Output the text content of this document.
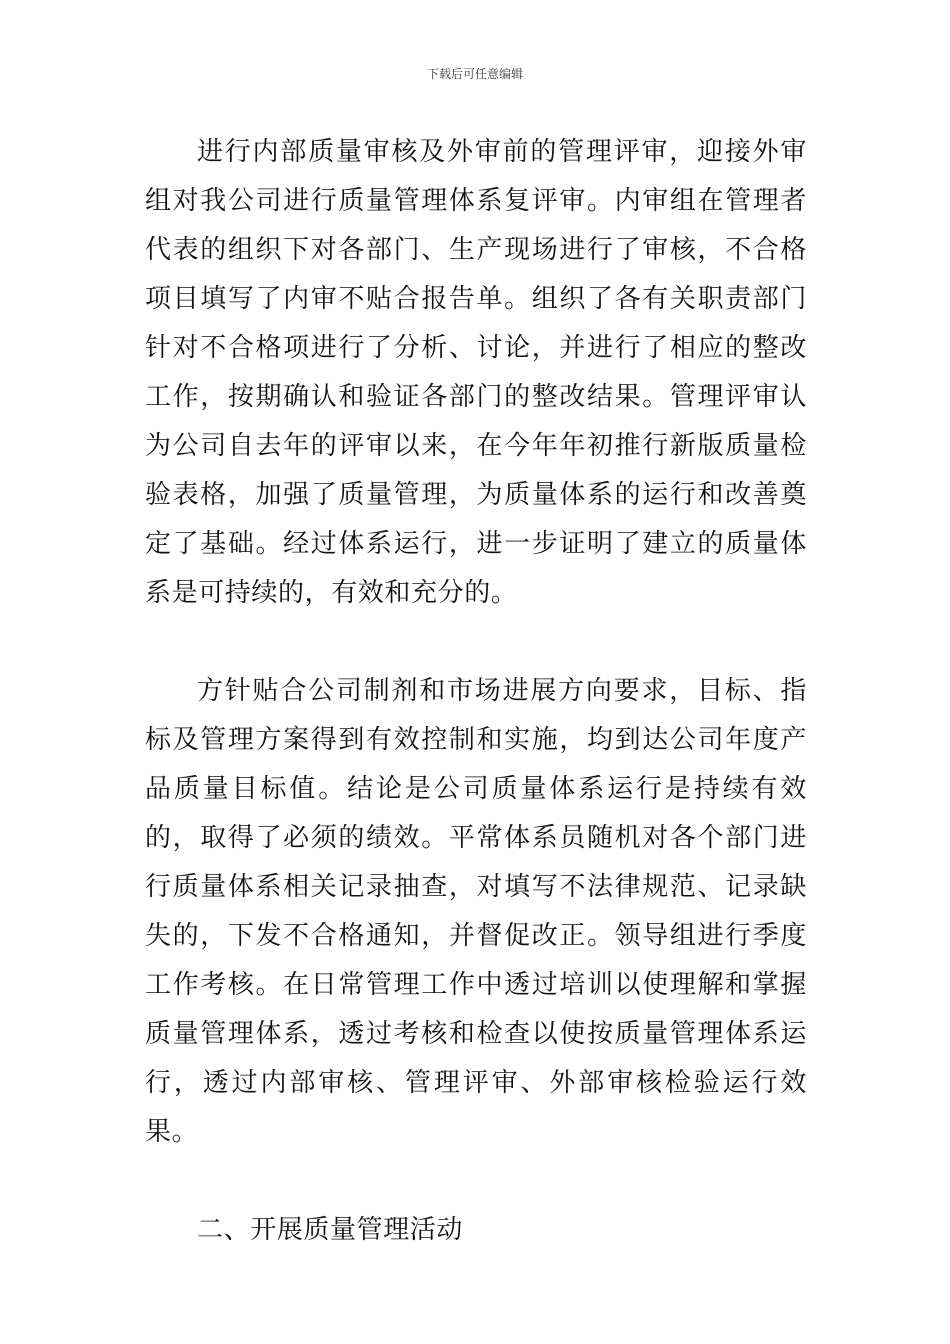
下载后可任意编辑

进行内部质量审核及外审前的管理评审，迎接外审组对我公司进行质量管理体系复评审。内审组在管理者代表的组织下对各部门、生产现场进行了审核，不合格项目填写了内审不贴合报告单。组织了各有关职责部门针对不合格项进行了分析、讨论，并进行了相应的整改工作，按期确认和验证各部门的整改结果。管理评审认为公司自去年的评审以来，在今年年初推行新版质量检验表格，加强了质量管理，为质量体系的运行和改善奠定了基础。经过体系运行，进一步证明了建立的质量体系是可持续的，有效和充分的。

方针贴合公司制剂和市场进展方向要求，目标、指标及管理方案得到有效控制和实施，均到达公司年度产品质量目标值。结论是公司质量体系运行是持续有效的，取得了必须的绩效。平常体系员随机对各个部门进行质量体系相关记录抽查，对填写不法律规范、记录缺失的，下发不合格通知，并督促改正。领导组进行季度工作考核。在日常管理工作中透过培训以使理解和掌握质量管理体系，透过考核和检查以使按质量管理体系运行，透过内部审核、管理评审、外部审核检验运行效果。

二、开展质量管理活动
